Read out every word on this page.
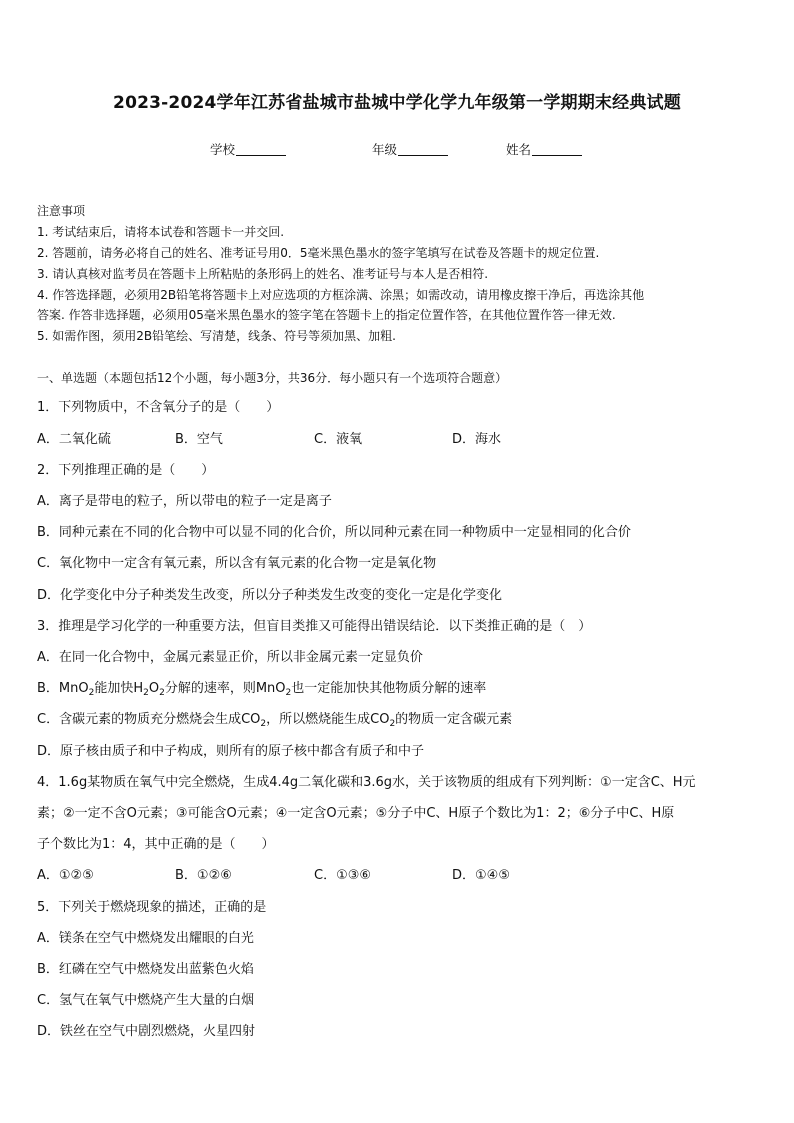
2023-2024学年江苏省盐城市盐城中学化学九年级第一学期期末经典试题
学校	年级	姓名
注意事项
1. 考试结束后，请将本试卷和答题卡一并交回.
2. 答题前，请务必将自己的姓名、准考证号用0．5毫米黑色墨水的签字笔填写在试卷及答题卡的规定位置.
3. 请认真核对监考员在答题卡上所粘贴的条形码上的姓名、准考证号与本人是否相符.
4. 作答选择题，必须用2B铅笔将答题卡上对应选项的方框涂满、涂黑；如需改动，请用橡皮擦干净后，再选涂其他
答案. 作答非选择题，必须用05毫米黑色墨水的签字笔在答题卡上的指定位置作答，在其他位置作答一律无效.
5. 如需作图，须用2B铅笔绘、写清楚，线条、符号等须加黑、加粗.
一、单选题（本题包括12个小题，每小题3分，共36分．每小题只有一个选项符合题意）
1．下列物质中，不含氧分子的是（　　）
A．二氧化硫	B．空气	C．液氧	D．海水
2．下列推理正确的是（　　）
A．离子是带电的粒子，所以带电的粒子一定是离子
B．同种元素在不同的化合物中可以显不同的化合价，所以同种元素在同一种物质中一定显相同的化合价
C．氧化物中一定含有氧元素，所以含有氧元素的化合物一定是氧化物
D．化学变化中分子种类发生改变，所以分子种类发生改变的变化一定是化学变化
3．推理是学习化学的一种重要方法，但盲目类推又可能得出错误结论．以下类推正确的是（　）
A．在同一化合物中，金属元素显正价，所以非金属元素一定显负价
B．MnO$_2$能加快$H_2O_2$分解的速率，则MnO$_2$也一定能加快其他物质分解的速率
C．含碳元素的物质充分燃烧会生成$CO_2$，所以燃烧能生成$CO_2$的物质一定含碳元素
D．原子核由质子和中子构成，则所有的原子核中都含有质子和中子
4．1.6g某物质在氧气中完全燃烧，生成4.4g二氧化碳和3.6g水，关于该物质的组成有下列判断：①一定含C、H元
素；②一定不含O元素；③可能含O元素；④一定含O元素；⑤分子中C、H原子个数比为1：2；⑥分子中C、H原
子个数比为1：4，其中正确的是（　　）
A．①②⑤	B．①②⑥	C．①③⑥	D．①④⑤
5．下列关于燃烧现象的描述，正确的是
A．镁条在空气中燃烧发出耀眼的白光
B．红磷在空气中燃烧发出蓝紫色火焰
C．氢气在氧气中燃烧产生大量的白烟
D．铁丝在空气中剧烈燃烧，火星四射
